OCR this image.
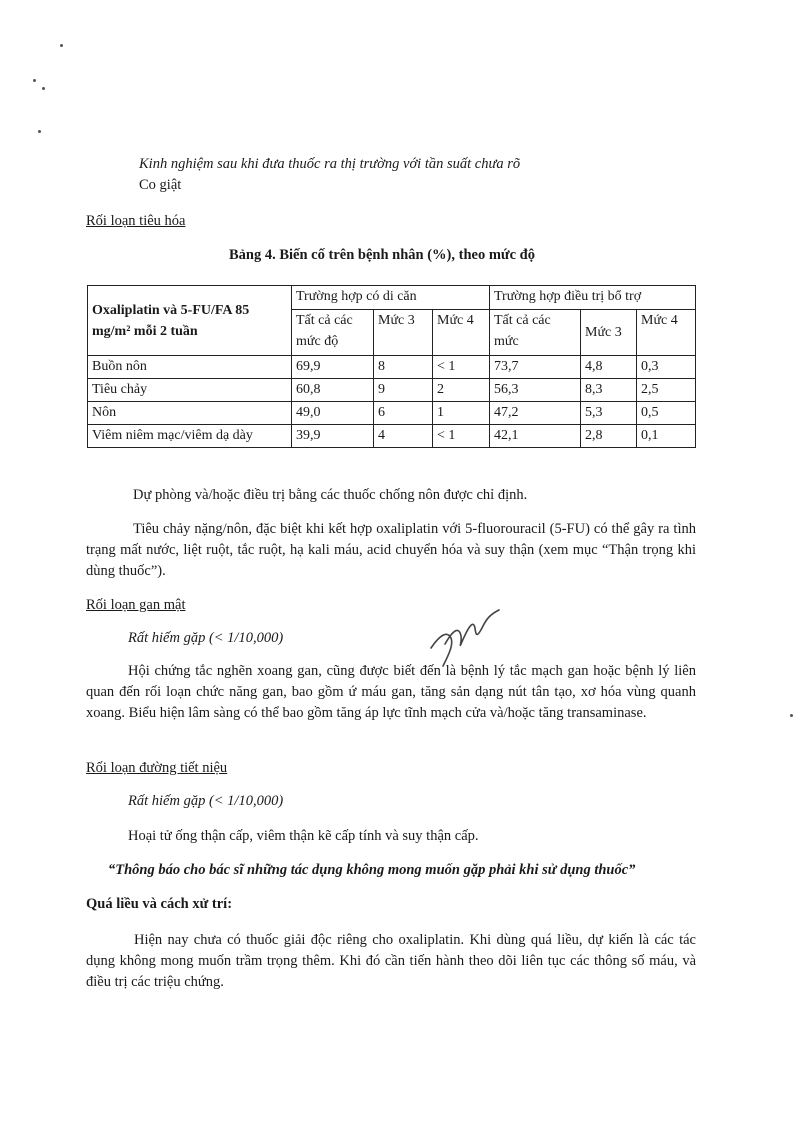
Kinh nghiệm sau khi đưa thuốc ra thị trường với tần suất chưa rõ
Co giật
Rối loạn tiêu hóa
Bảng 4. Biến cố trên bệnh nhân (%), theo mức độ
Oxaliplatin và 5-FU/FA 85 mg/m² mỗi 2 tuần	Trường hợp có di căn			Trường hợp điều trị bổ trợ		
	Tất cả các mức độ	Mức 3	Mức 4	Tất cả các mức	Mức 3	Mức 4
Buồn nôn	69,9	8	< 1	73,7	4,8	0,3
Tiêu chảy	60,8	9	2	56,3	8,3	2,5
Nôn	49,0	6	1	47,2	5,3	0,5
Viêm niêm mạc/viêm dạ dày	39,9	4	< 1	42,1	2,8	0,1
Dự phòng và/hoặc điều trị bằng các thuốc chống nôn được chỉ định.
Tiêu chảy nặng/nôn, đặc biệt khi kết hợp oxaliplatin với 5-fluorouracil (5-FU) có thể gây ra tình trạng mất nước, liệt ruột, tắc ruột, hạ kali máu, acid chuyển hóa và suy thận (xem mục “Thận trọng khi dùng thuốc”).
Rối loạn gan mật
Rất hiếm gặp (< 1/10,000)
Hội chứng tắc nghẽn xoang gan, cũng được biết đến là bệnh lý tắc mạch gan hoặc bệnh lý liên quan đến rối loạn chức năng gan, bao gồm ứ máu gan, tăng sản dạng nút tân tạo, xơ hóa vùng quanh xoang. Biểu hiện lâm sàng có thể bao gồm tăng áp lực tĩnh mạch cửa và/hoặc tăng transaminase.
Rối loạn đường tiết niệu
Rất hiếm gặp (< 1/10,000)
Hoại tử ống thận cấp, viêm thận kẽ cấp tính và suy thận cấp.
“Thông báo cho bác sĩ những tác dụng không mong muốn gặp phải khi sử dụng thuốc”
Quá liều và cách xử trí:
Hiện nay chưa có thuốc giải độc riêng cho oxaliplatin. Khi dùng quá liều, dự kiến là các tác dụng không mong muốn trầm trọng thêm. Khi đó cần tiến hành theo dõi liên tục các thông số máu, và điều trị các triệu chứng.
